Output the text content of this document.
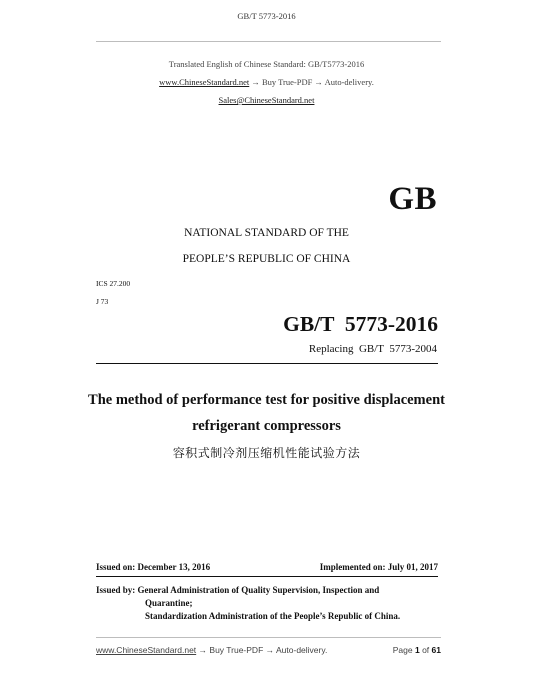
GB/T 5773-2016
Translated English of Chinese Standard: GB/T5773-2016
www.ChineseStandard.net → Buy True-PDF → Auto-delivery.
Sales@ChineseStandard.net
GB
NATIONAL STANDARD OF THE
PEOPLE’S REPUBLIC OF CHINA
ICS 27.200
J 73
GB/T  5773-2016
Replacing  GB/T  5773-2004
The method of performance test for positive displacement
refrigerant compressors
容积式制冷剂压缩机性能试验方法
Issued on: December 13, 2016	Implemented on: July 01, 2017
Issued by: General Administration of Quality Supervision, Inspection and
Quarantine;
Standardization Administration of the People’s Republic of China.
www.ChineseStandard.net → Buy True-PDF → Auto-delivery.	Page 1 of 61
